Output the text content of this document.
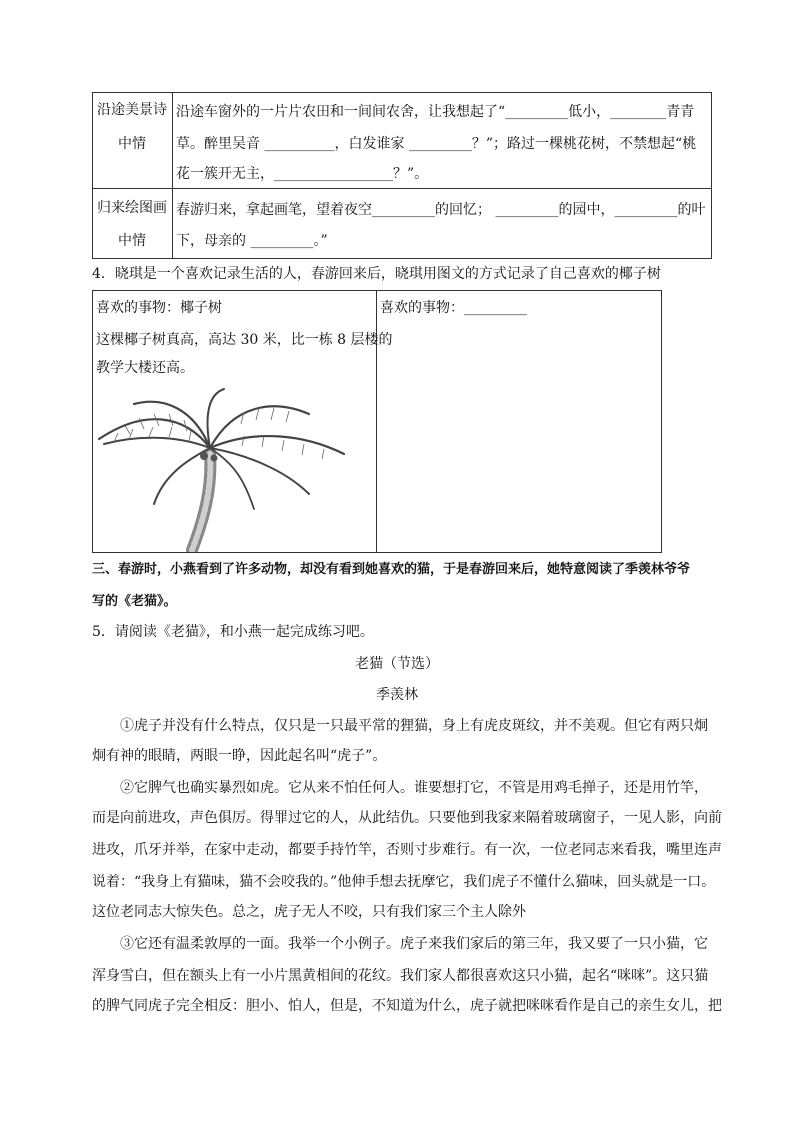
沿途美景诗
中情
沿途车窗外的一片片农田和一间间农舍，让我想起了“_________低小，________青青
草。醉里吴音 __________，白发谁家 _________？”；路过一棵桃花树，不禁想起“桃
花一簇开无主，_________________？”。
归来绘图画
中情
春游归来，拿起画笔，望着夜空_________的回忆； _________的园中，_________的叶
下，母亲的 _________。”
4．晓琪是一个喜欢记录生活的人，春游回来后，晓琪用图文的方式记录了自己喜欢的椰子树
喜欢的事物：椰子树
这棵椰子树真高，高达 30 米，比一栋 8 层楼的
教学大楼还高。
喜欢的事物：_________
三、春游时，小燕看到了许多动物，却没有看到她喜欢的猫，于是春游回来后，她特意阅读了季羡林爷爷
写的《老猫》。
5．请阅读《老猫》，和小燕一起完成练习吧。
老猫（节选）
季羡林
①虎子并没有什么特点，仅只是一只最平常的狸猫，身上有虎皮斑纹，并不美观。但它有两只炯
炯有神的眼睛，两眼一睁，因此起名叫“虎子”。
②它脾气也确实暴烈如虎。它从来不怕任何人。谁要想打它，不管是用鸡毛掸子，还是用竹竿，
而是向前进攻，声色俱厉。得罪过它的人，从此结仇。只要他到我家来隔着玻璃窗子，一见人影，向前
进攻，爪牙并举，在家中走动，都要手持竹竿，否则寸步难行。有一次，一位老同志来看我，嘴里连声
说着：“我身上有猫味，猫不会咬我的。”他伸手想去抚摩它，我们虎子不懂什么猫味，回头就是一口。
这位老同志大惊失色。总之，虎子无人不咬，只有我们家三个主人除外
③它还有温柔敦厚的一面。我举一个小例子。虎子来我们家后的第三年，我又要了一只小猫，它
浑身雪白，但在额头上有一小片黑黄相间的花纹。我们家人都很喜欢这只小猫，起名“咪咪”。这只猫
的脾气同虎子完全相反：胆小、怕人，但是，不知道为什么，虎子就把咪咪看作是自己的亲生女儿，把
